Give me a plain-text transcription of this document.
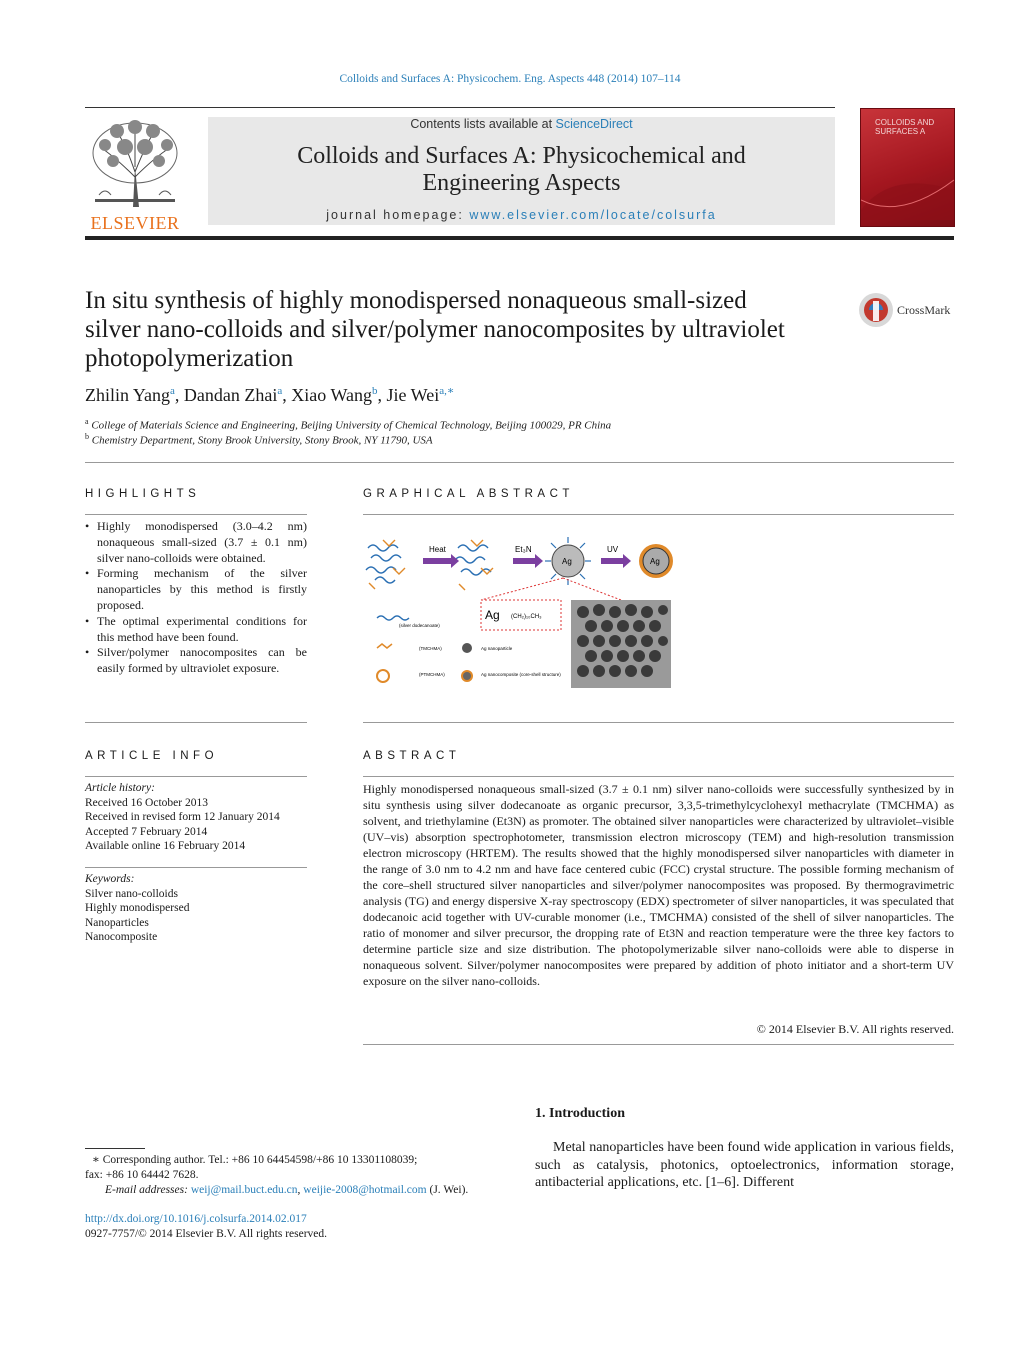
Colloids and Surfaces A: Physicochem. Eng. Aspects 448 (2014) 107–114
ELSEVIER
Contents lists available at ScienceDirect
Colloids and Surfaces A: Physicochemical and
Engineering Aspects
journal homepage: www.elsevier.com/locate/colsurfa
COLLOIDS AND SURFACES A
In situ synthesis of highly monodispersed nonaqueous small-sized
silver nano-colloids and silver/polymer nanocomposites by ultraviolet
photopolymerization
CrossMark
Zhilin Yang$^a$, Dandan Zhai$^a$, Xiao Wang$^b$, Jie Wei$^{a,∗}$
$^a$ College of Materials Science and Engineering, Beijing University of Chemical Technology, Beijing 100029, PR China
$^b$ Chemistry Department, Stony Brook University, Stony Brook, NY 11790, USA
HIGHLIGHTS
• Highly monodispersed (3.0–4.2 nm) nonaqueous small-sized (3.7 ± 0.1 nm) silver nano-colloids were obtained.
• Forming mechanism of the silver nanoparticles by this method is firstly proposed.
• The optimal experimental conditions for this method have been found.
• Silver/polymer nanocomposites can be easily formed by ultraviolet exposure.
GRAPHICAL ABSTRACT
Heat	Et₃N	UV
Ag	Ag
Ag (CH₂)₁₀CH₃
(silver dodecanoate)
(TMCHMA)
(PTMCHMA)
Ag nanoparticle
Ag nanocomposite (core-shell structure)
ARTICLE INFO
Article history:
Received 16 October 2013
Received in revised form 12 January 2014
Accepted 7 February 2014
Available online 16 February 2014
Keywords:
Silver nano-colloids
Highly monodispersed
Nanoparticles
Nanocomposite
ABSTRACT
Highly monodispersed nonaqueous small-sized (3.7 ± 0.1 nm) silver nano-colloids were successfully synthesized by in situ synthesis using silver dodecanoate as organic precursor, 3,3,5-trimethylcyclohexyl methacrylate (TMCHMA) as solvent, and triethylamine (Et3N) as promoter. The obtained silver nanoparticles were characterized by ultraviolet–visible (UV–vis) absorption spectrophotometer, transmission electron microscopy (TEM) and high-resolution transmission electron microscopy (HRTEM). The results showed that the highly monodispersed silver nanoparticles with diameter in the range of 3.0 nm to 4.2 nm and have face centered cubic (FCC) crystal structure. The possible forming mechanism of the core–shell structured silver nanoparticles and silver/polymer nanocomposites was proposed. By thermogravimetric analysis (TG) and energy dispersive X-ray spectroscopy (EDX) spectrometer of silver nanoparticles, it was speculated that dodecanoic acid together with UV-curable monomer (i.e., TMCHMA) consisted of the shell of silver nanoparticles. The ratio of monomer and silver precursor, the dropping rate of Et3N and reaction temperature were the three key factors to determine particle size and size distribution. The photopolymerizable silver nano-colloids were able to disperse in nonaqueous solvent. Silver/polymer nanocomposites were prepared by addition of photo initiator and a short-term UV exposure on the silver nano-colloids.
© 2014 Elsevier B.V. All rights reserved.
1. Introduction
Metal nanoparticles have been found wide application in various fields, such as catalysis, photonics, optoelectronics, information storage, antibacterial applications, etc. [1–6]. Different
∗ Corresponding author. Tel.: +86 10 64454598/+86 10 13301108039;
fax: +86 10 64442 7628.
E-mail addresses: weij@mail.buct.edu.cn, weijie-2008@hotmail.com (J. Wei).
http://dx.doi.org/10.1016/j.colsurfa.2014.02.017
0927-7757/© 2014 Elsevier B.V. All rights reserved.
